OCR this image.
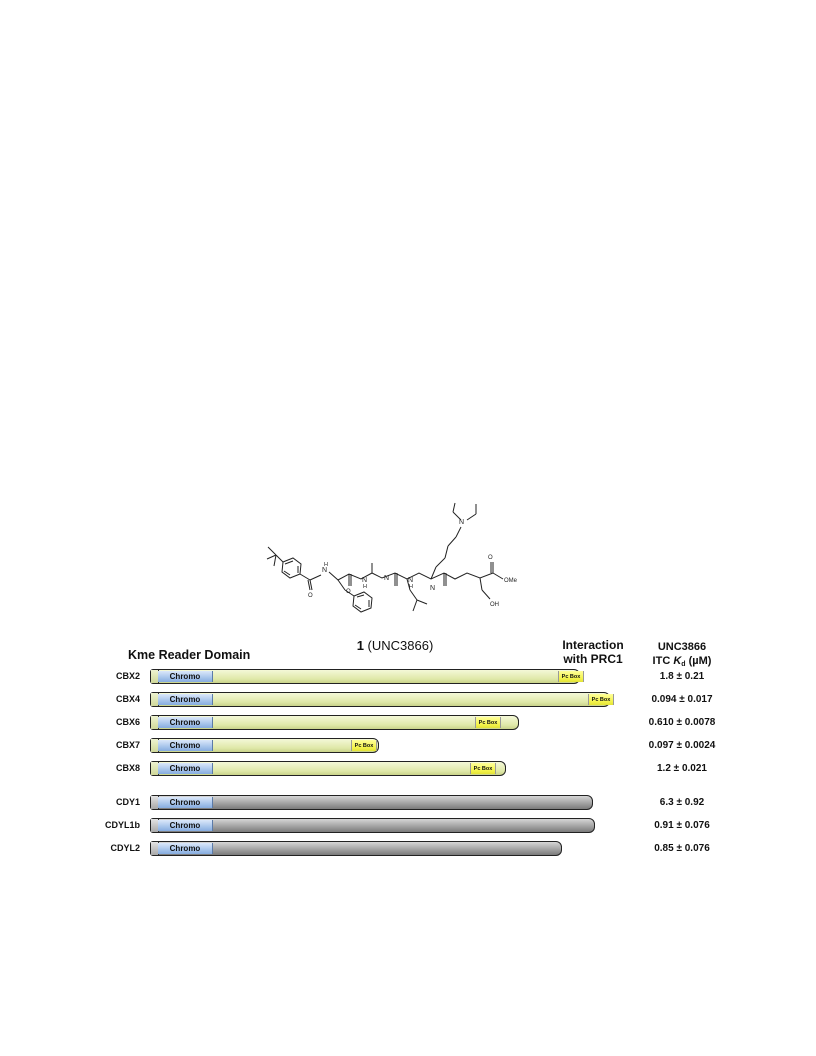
N
H
N
H
N	N
H N
N
OMe
OH
O
O
O
1 (UNC3866)
Kme Reader Domain
Interaction
with PRC1
UNC3866
ITC $K_d$ (µM)
CBX2	Chromo	Pc Box	1.8 ± 0.21
CBX4	Chromo	Pc Box	0.094 ± 0.017
CBX6	Chromo	Pc Box	0.610 ± 0.0078
CBX7	Chromo	Pc Box	0.097 ± 0.0024
CBX8	Chromo	Pc Box	1.2 ± 0.021
CDY1	Chromo	6.3 ± 0.92
CDYL1b	Chromo	0.91 ± 0.076
CDYL2	Chromo	0.85 ± 0.076
